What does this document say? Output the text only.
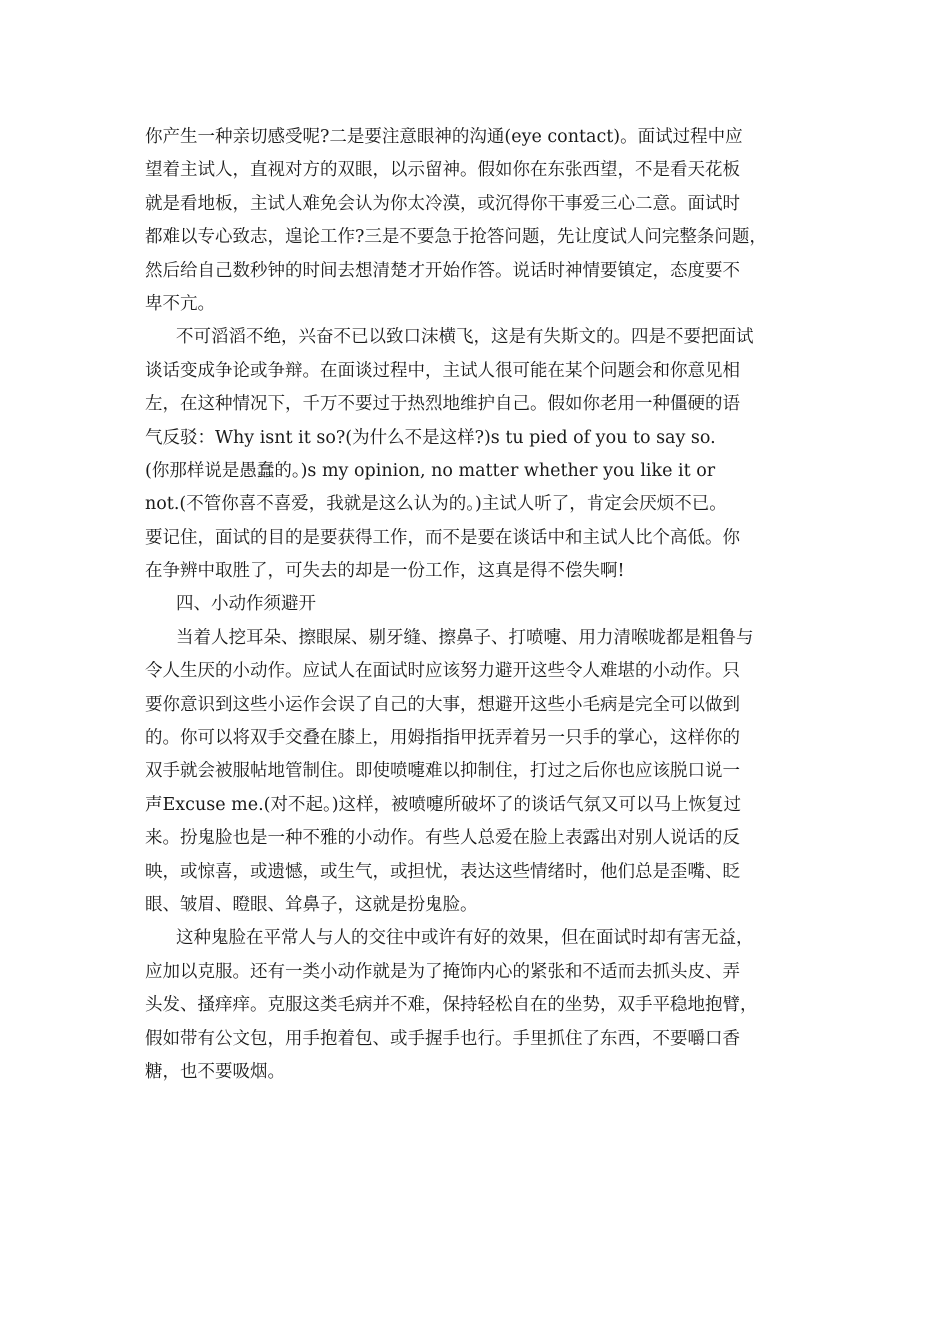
你产生一种亲切感受呢?二是要注意眼神的沟通(eye contact)。面试过程中应
望着主试人，直视对方的双眼，以示留神。假如你在东张西望，不是看天花板
就是看地板，主试人难免会认为你太冷漠，或沉得你干事爱三心二意。面试时
都难以专心致志，遑论工作?三是不要急于抢答问题，先让度试人问完整条问题，
然后给自己数秒钟的时间去想清楚才开始作答。说话时神情要镇定，态度要不
卑不亢。
不可滔滔不绝，兴奋不已以致口沫横飞，这是有失斯文的。四是不要把面试
谈话变成争论或争辩。在面谈过程中，主试人很可能在某个问题会和你意见相
左，在这种情况下，千万不要过于热烈地维护自己。假如你老用一种僵硬的语
气反驳：Why isnt it so?(为什么不是这样?)s tu pied of you to say so.
(你那样说是愚蠢的。)s my opinion, no matter whether you like it or
not.(不管你喜不喜爱，我就是这么认为的。)主试人听了，肯定会厌烦不已。
要记住，面试的目的是要获得工作，而不是要在谈话中和主试人比个高低。你
在争辨中取胜了，可失去的却是一份工作，这真是得不偿失啊!
四、小动作须避开
当着人挖耳朵、擦眼屎、剔牙缝、擦鼻子、打喷嚏、用力清喉咙都是粗鲁与
令人生厌的小动作。应试人在面试时应该努力避开这些令人难堪的小动作。只
要你意识到这些小运作会误了自己的大事，想避开这些小毛病是完全可以做到
的。你可以将双手交叠在膝上，用姆指指甲抚弄着另一只手的掌心，这样你的
双手就会被服帖地管制住。即使喷嚏难以抑制住，打过之后你也应该脱口说一
声Excuse me.(对不起。)这样，被喷嚏所破坏了的谈话气氛又可以马上恢复过
来。扮鬼脸也是一种不雅的小动作。有些人总爱在脸上表露出对别人说话的反
映，或惊喜，或遗憾，或生气，或担忧，表达这些情绪时，他们总是歪嘴、眨
眼、皱眉、瞪眼、耸鼻子，这就是扮鬼脸。
这种鬼脸在平常人与人的交往中或许有好的效果，但在面试时却有害无益，
应加以克服。还有一类小动作就是为了掩饰内心的紧张和不适而去抓头皮、弄
头发、搔痒痒。克服这类毛病并不难，保持轻松自在的坐势，双手平稳地抱臂，
假如带有公文包，用手抱着包、或手握手也行。手里抓住了东西，不要嚼口香
糖，也不要吸烟。
